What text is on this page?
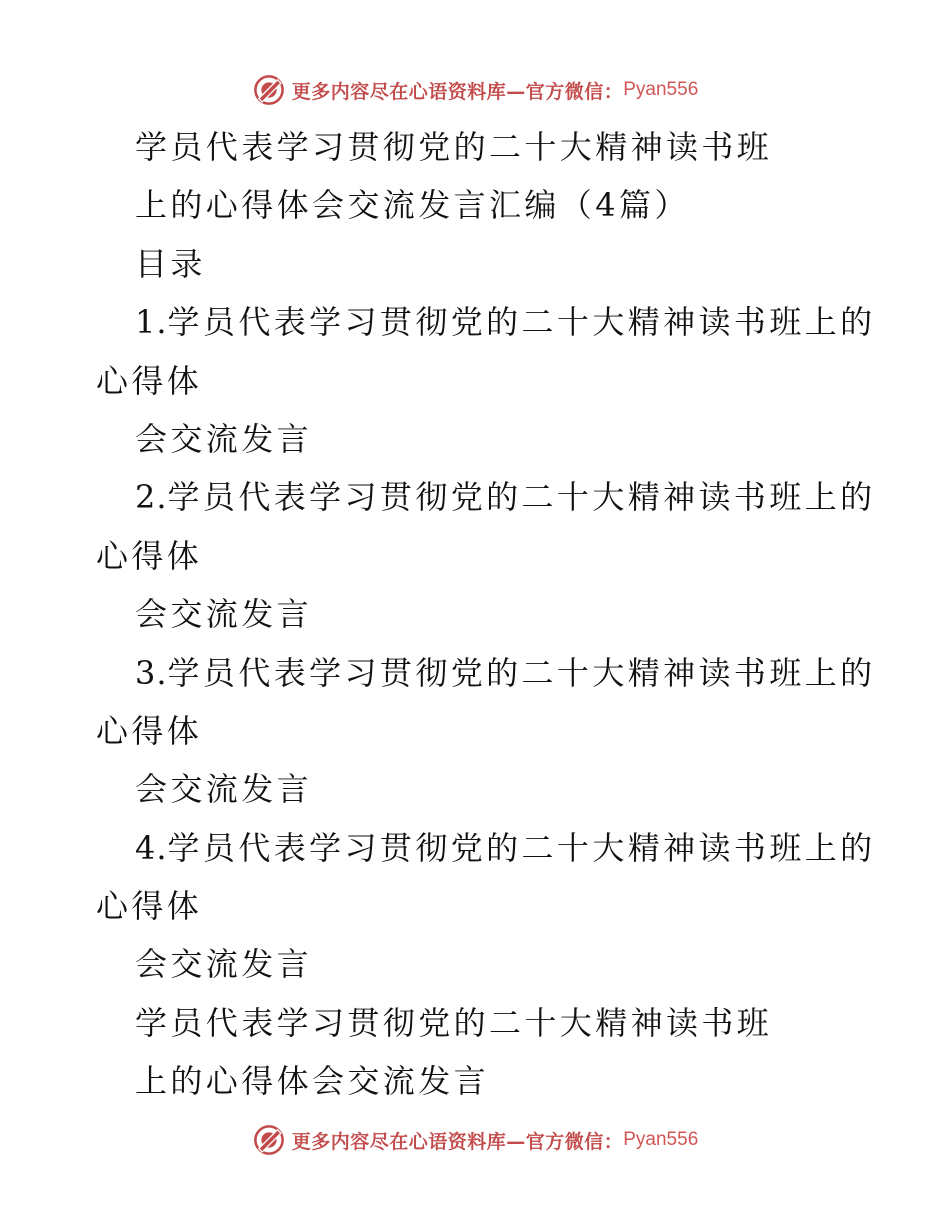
更多内容尽在心语资料库—官方微信： Pyan556
学员代表学习贯彻党的二十大精神读书班
上的心得体会交流发言汇编（4篇）
目录
1.学员代表学习贯彻党的二十大精神读书班上的
心得体
会交流发言
2.学员代表学习贯彻党的二十大精神读书班上的
心得体
会交流发言
3.学员代表学习贯彻党的二十大精神读书班上的
心得体
会交流发言
4.学员代表学习贯彻党的二十大精神读书班上的
心得体
会交流发言
学员代表学习贯彻党的二十大精神读书班
上的心得体会交流发言
更多内容尽在心语资料库—官方微信： Pyan556
